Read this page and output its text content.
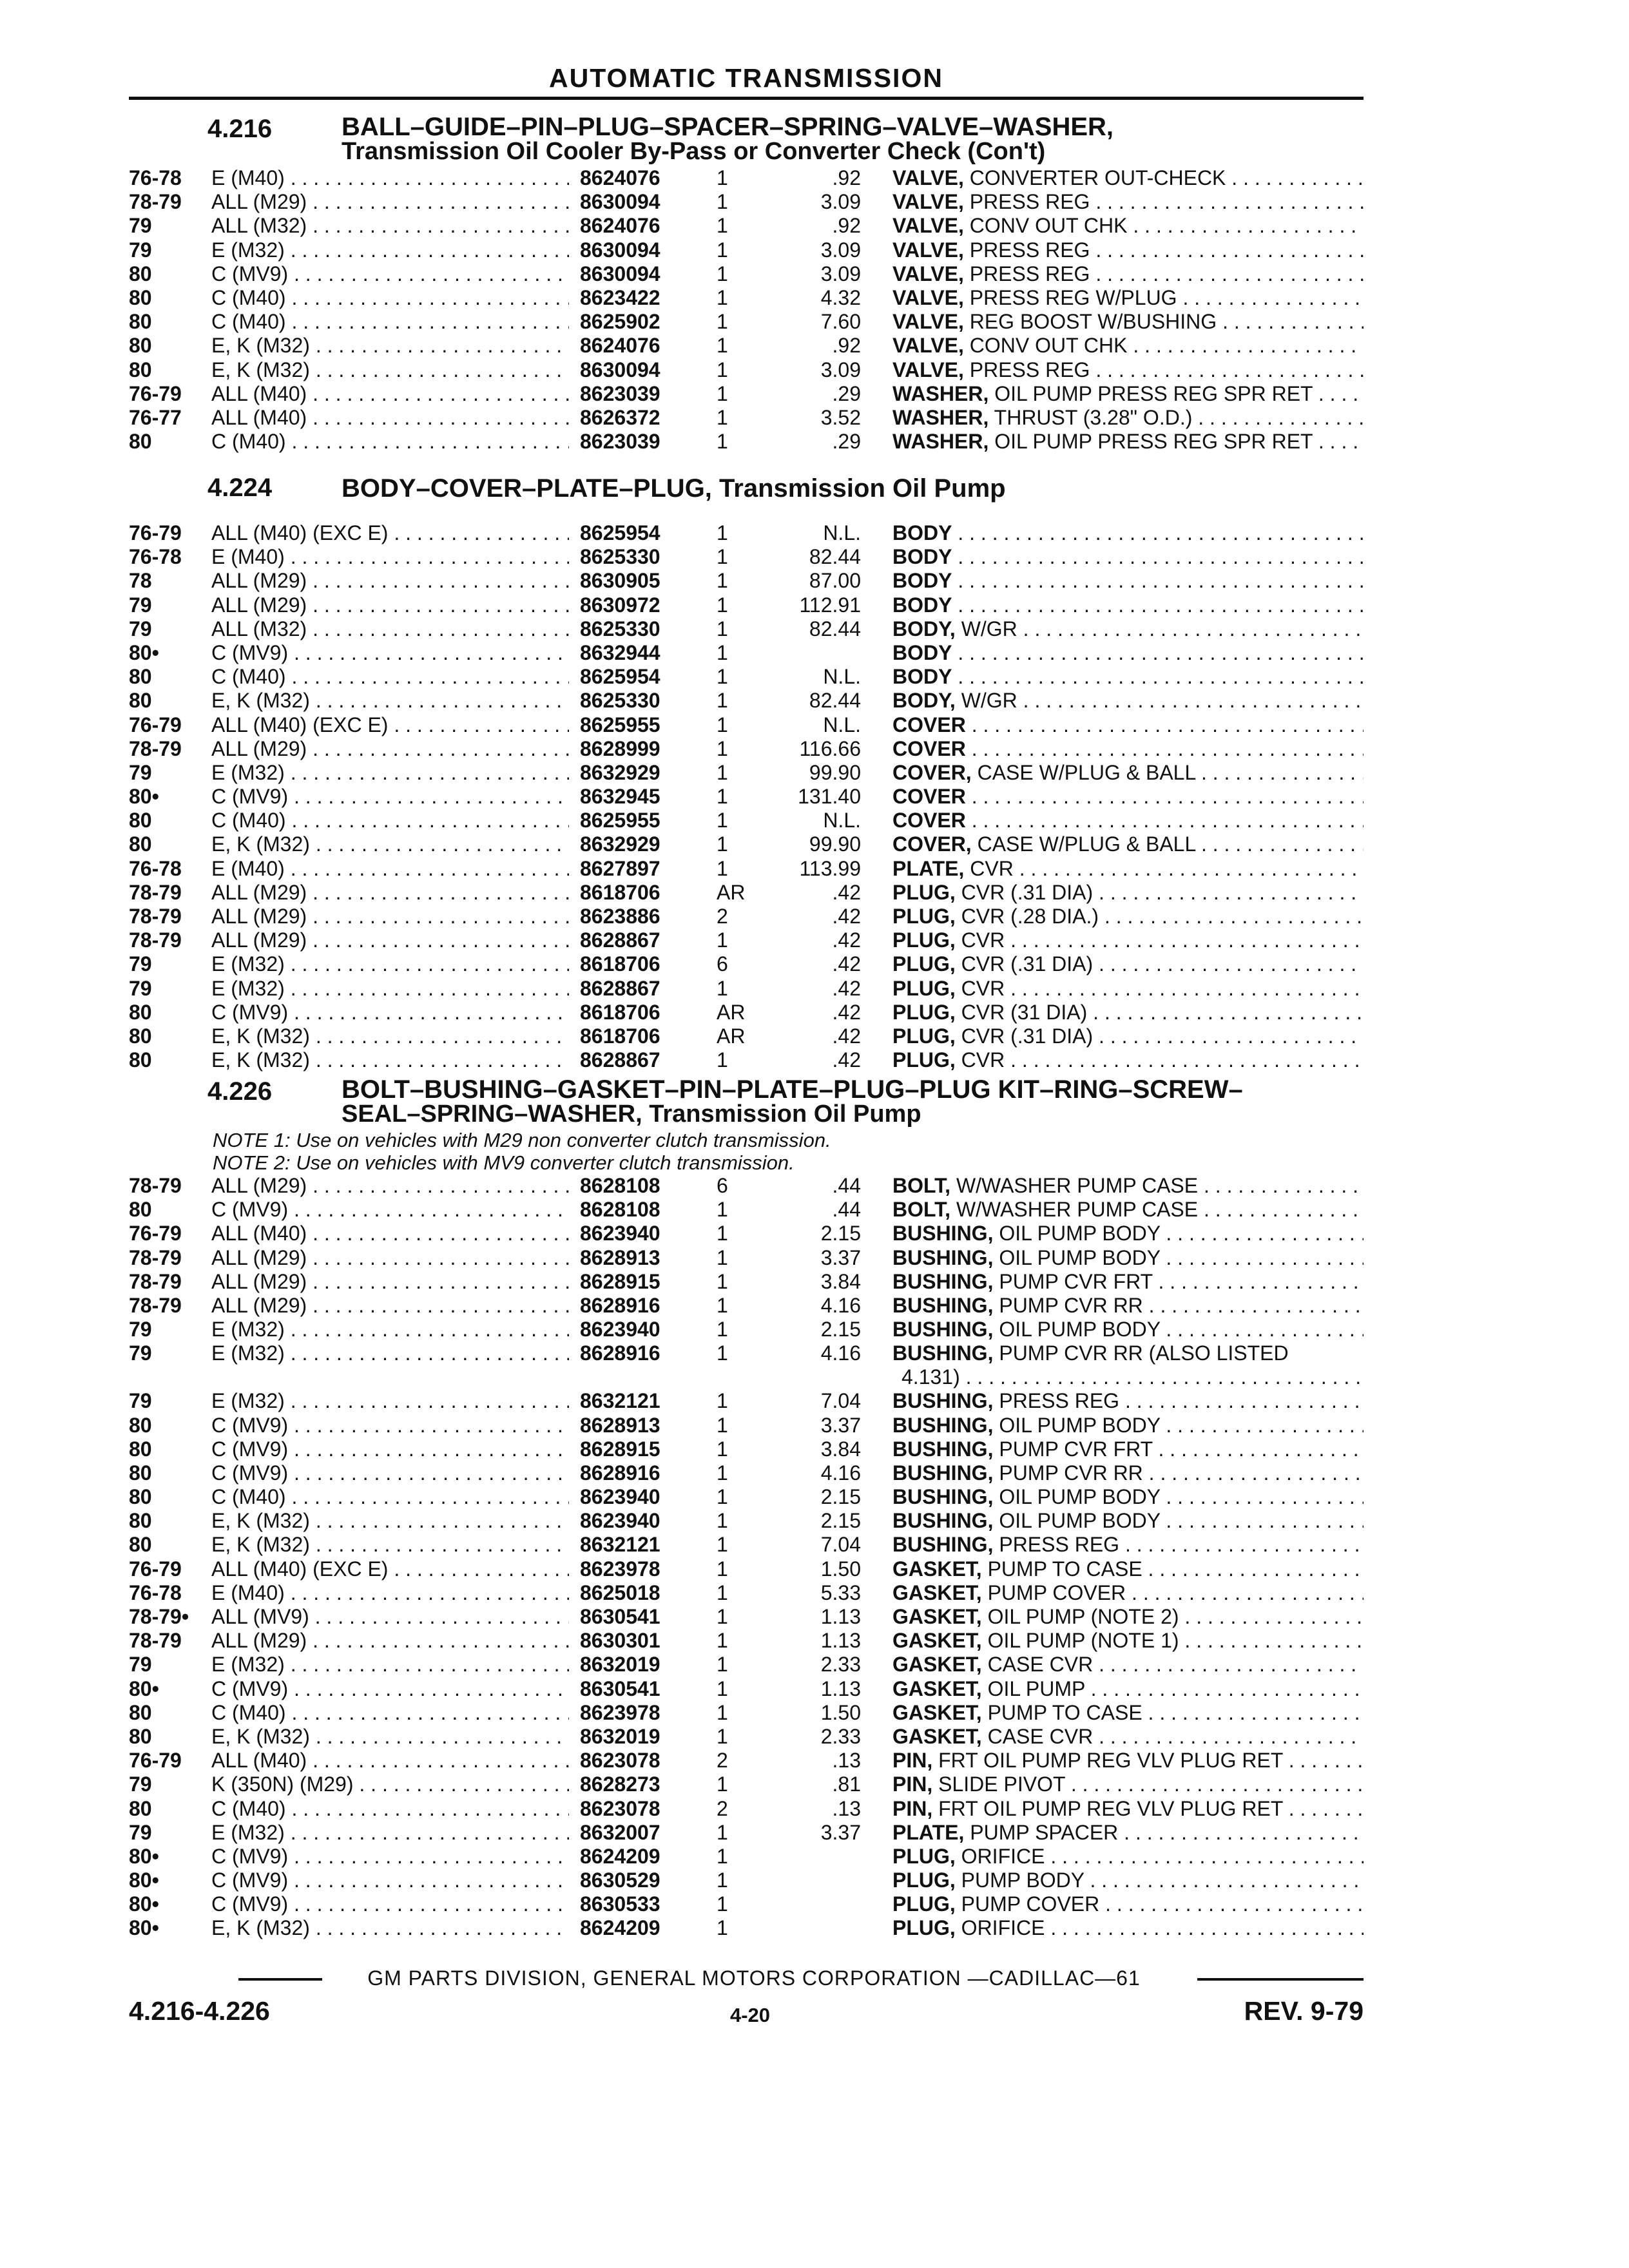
AUTOMATIC TRANSMISSION
4.216	BALL–GUIDE–PIN–PLUG–SPACER–SPRING–VALVE–WASHER,
Transmission Oil Cooler By-Pass or Converter Check (Con't)
76-78	E (M40) . . .	8624076	1	.92 VALVE, CONVERTER OUT-CHECK . . .
78-79	ALL (M29) . . .	8630094	1	3.09 VALVE, PRESS REG . . .
79	ALL (M32) . . .	8624076	1	.92 VALVE, CONV OUT CHK . . .
79	E (M32) . . .	8630094	1	3.09 VALVE, PRESS REG . . .
80	C (MV9) . . .	8630094	1	3.09 VALVE, PRESS REG . . .
80	C (M40) . . .	8623422	1	4.32 VALVE, PRESS REG W/PLUG . . .
80	C (M40) . . .	8625902	1	7.60 VALVE, REG BOOST W/BUSHING . . .
80	E, K (M32) . . .	8624076	1	.92 VALVE, CONV OUT CHK . . .
80	E, K (M32) . . .	8630094	1	3.09 VALVE, PRESS REG . . .
76-79	ALL (M40) . . .	8623039	1	.29 WASHER, OIL PUMP PRESS REG SPR RET . . .
76-77	ALL (M40) . . .	8626372	1	3.52 WASHER, THRUST (3.28" O.D.) . . .
80	C (M40) . . .	8623039	1	.29 WASHER, OIL PUMP PRESS REG SPR RET . . .
4.224	BODY–COVER–PLATE–PLUG, Transmission Oil Pump
76-79	ALL (M40) (EXC E) . . .	8625954	1	N.L. BODY . . .
76-78	E (M40) . . .	8625330	1	82.44 BODY . . .
78	ALL (M29) . . .	8630905	1	87.00 BODY . . .
79	ALL (M29) . . .	8630972	1	112.91 BODY . . .
79	ALL (M32) . . .	8625330	1	82.44 BODY, W/GR . . .
80•	C (MV9) . . .	8632944	1	BODY . . .
80	C (M40) . . .	8625954	1	N.L. BODY . . .
80	E, K (M32) . . .	8625330	1	82.44 BODY, W/GR . . .
76-79	ALL (M40) (EXC E) . . .	8625955	1	N.L. COVER . . .
78-79	ALL (M29) . . .	8628999	1	116.66 COVER . . .
79	E (M32) . . .	8632929	1	99.90 COVER, CASE W/PLUG & BALL . . .
80•	C (MV9) . . .	8632945	1	131.40 COVER . . .
80	C (M40) . . .	8625955	1	N.L. COVER . . .
80	E, K (M32) . . .	8632929	1	99.90 COVER, CASE W/PLUG & BALL . . .
76-78	E (M40) . . .	8627897	1	113.99 PLATE, CVR . . .
78-79	ALL (M29) . . .	8618706	AR	.42 PLUG, CVR (.31 DIA) . . .
78-79	ALL (M29) . . .	8623886	2	.42 PLUG, CVR (.28 DIA.) . . .
78-79	ALL (M29) . . .	8628867	1	.42 PLUG, CVR . . .
79	E (M32) . . .	8618706	6	.42 PLUG, CVR (.31 DIA) . . .
79	E (M32) . . .	8628867	1	.42 PLUG, CVR . . .
80	C (MV9) . . .	8618706	AR	.42 PLUG, CVR (31 DIA) . . .
80	E, K (M32) . . .	8618706	AR	.42 PLUG, CVR (.31 DIA) . . .
80	E, K (M32) . . .	8628867	1	.42 PLUG, CVR . . .
4.226	BOLT–BUSHING–GASKET–PIN–PLATE–PLUG–PLUG KIT–RING–SCREW–
SEAL–SPRING–WASHER, Transmission Oil Pump
NOTE 1: Use on vehicles with M29 non converter clutch transmission.
NOTE 2: Use on vehicles with MV9 converter clutch transmission.
78-79	ALL (M29) . . .	8628108	6	.44 BOLT, W/WASHER PUMP CASE . . .
80	C (MV9) . . .	8628108	1	.44 BOLT, W/WASHER PUMP CASE . . .
76-79	ALL (M40) . . .	8623940	1	2.15 BUSHING, OIL PUMP BODY . . .
78-79	ALL (M29) . . .	8628913	1	3.37 BUSHING, OIL PUMP BODY . . .
78-79	ALL (M29) . . .	8628915	1	3.84 BUSHING, PUMP CVR FRT . . .
78-79	ALL (M29) . . .	8628916	1	4.16 BUSHING, PUMP CVR RR . . .
79	E (M32) . . .	8623940	1	2.15 BUSHING, OIL PUMP BODY . . .
79	E (M32) . . .	8628916	1	4.16 BUSHING, PUMP CVR RR (ALSO LISTED
4.131) . . .
79	E (M32) . . .	8632121	1	7.04 BUSHING, PRESS REG . . .
80	C (MV9) . . .	8628913	1	3.37 BUSHING, OIL PUMP BODY . . .
80	C (MV9) . . .	8628915	1	3.84 BUSHING, PUMP CVR FRT . . .
80	C (MV9) . . .	8628916	1	4.16 BUSHING, PUMP CVR RR . . .
80	C (M40) . . .	8623940	1	2.15 BUSHING, OIL PUMP BODY . . .
80	E, K (M32) . . .	8623940	1	2.15 BUSHING, OIL PUMP BODY . . .
80	E, K (M32) . . .	8632121	1	7.04 BUSHING, PRESS REG . . .
76-79	ALL (M40) (EXC E) . . .	8623978	1	1.50 GASKET, PUMP TO CASE . . .
76-78	E (M40) . . .	8625018	1	5.33 GASKET, PUMP COVER . . .
78-79•	ALL (MV9) . . .	8630541	1	1.13 GASKET, OIL PUMP (NOTE 2) . . .
78-79	ALL (M29) . . .	8630301	1	1.13 GASKET, OIL PUMP (NOTE 1) . . .
79	E (M32) . . .	8632019	1	2.33 GASKET, CASE CVR . . .
80•	C (MV9) . . .	8630541	1	1.13 GASKET, OIL PUMP . . .
80	C (M40) . . .	8623978	1	1.50 GASKET, PUMP TO CASE . . .
80	E, K (M32) . . .	8632019	1	2.33 GASKET, CASE CVR . . .
76-79	ALL (M40) . . .	8623078	2	.13 PIN, FRT OIL PUMP REG VLV PLUG RET . . .
79	K (350N) (M29) . . .	8628273	1	.81 PIN, SLIDE PIVOT . . .
80	C (M40) . . .	8623078	2	.13 PIN, FRT OIL PUMP REG VLV PLUG RET . . .
79	E (M32) . . .	8632007	1	3.37 PLATE, PUMP SPACER . . .
80•	C (MV9) . . .	8624209	1	PLUG, ORIFICE . . .
80•	C (MV9) . . .	8630529	1	PLUG, PUMP BODY . . .
80•	C (MV9) . . .	8630533	1	PLUG, PUMP COVER . . .
80•	E, K (M32) . . .	8624209	1	PLUG, ORIFICE . . .
GM PARTS DIVISION, GENERAL MOTORS CORPORATION —CADILLAC—61
4.216-4.226	4-20	REV. 9-79
